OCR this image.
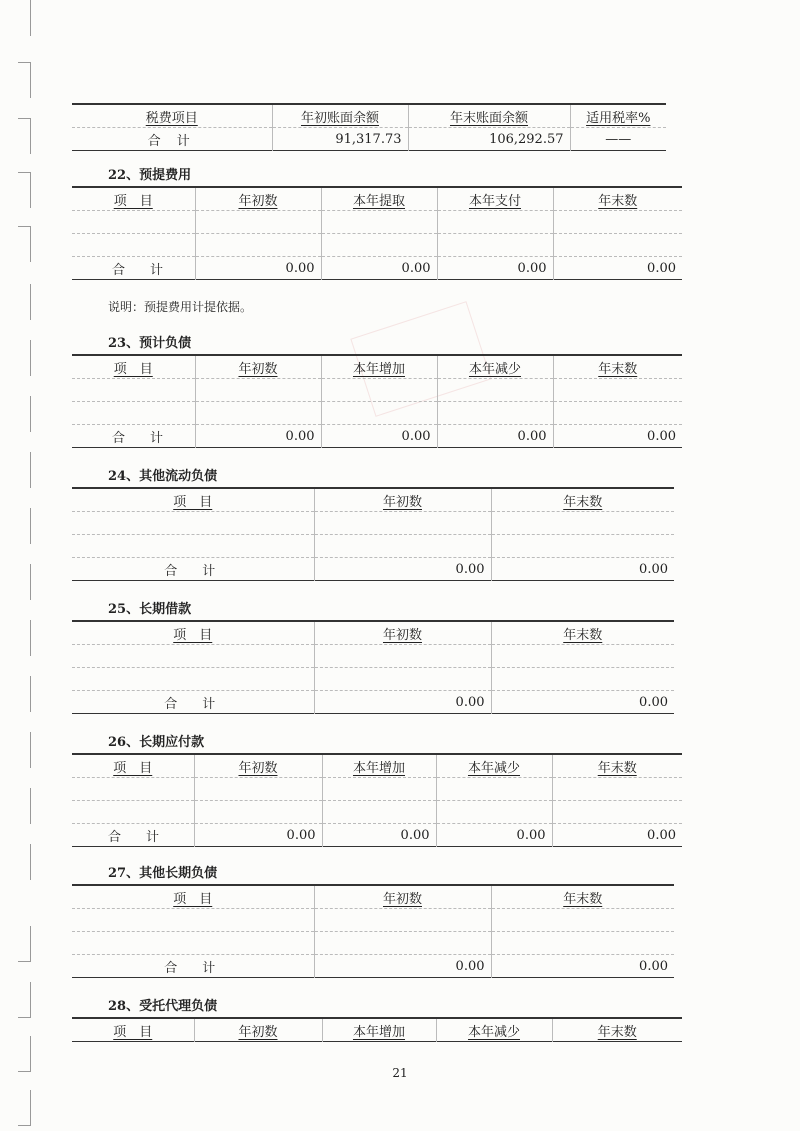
税费项目	年初账面余额	年末账面余额	适用税率%
合 计	91,317.73	106,292.57	——
22、预提费用
项　目	年初数	本年提取	本年支付	年末数

合　计	0.00	0.00	0.00	0.00
说明：预提费用计提依据。
23、预计负债
项　目	年初数	本年增加	本年减少	年末数

合　计	0.00	0.00	0.00	0.00
24、其他流动负债
项　目	年初数	年末数

合　计	0.00	0.00
25、长期借款
项　目	年初数	年末数

合　计	0.00	0.00
26、长期应付款
项　目	年初数	本年增加	本年减少	年末数

合　计	0.00	0.00	0.00	0.00
27、其他长期负债
项　目	年初数	年末数

合　计	0.00	0.00
28、受托代理负债
项　目	年初数	本年增加	本年减少	年末数
21
